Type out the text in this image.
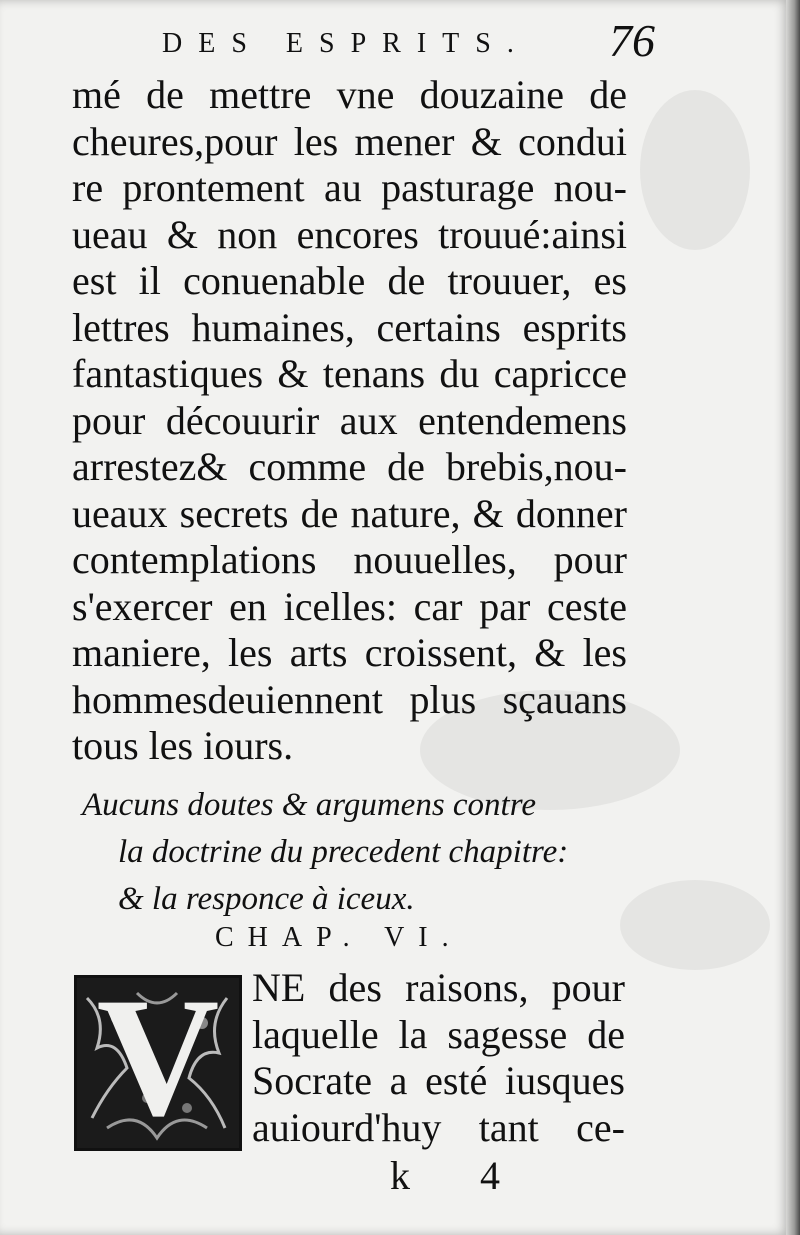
DES ESPRITS. 76
mé de mettre vne douzaine de
cheures,pour les mener & condui
re prontement au pasturage nou-
ueau & non encores trouué:ainsi
est il conuenable de trouuer, es
lettres humaines, certains esprits
fantastiques & tenans du capricce
pour découurir aux entendemens
arrestez& comme de brebis,nou-
ueaux secrets de nature, & donner
contemplations nouuelles, pour
s'exercer en icelles: car par ceste
maniere, les arts croissent, & les
hommesdeuiennent plus sçauans
tous les iours.
Aucuns doutes & argumens contre
la doctrine du precedent chapitre:
& la responce à iceux.
CHAP. VI.
V NE des raisons, pour
laquelle la sagesse de
Socrate a esté iusques
auiourd'huy tant ce-
k 4
